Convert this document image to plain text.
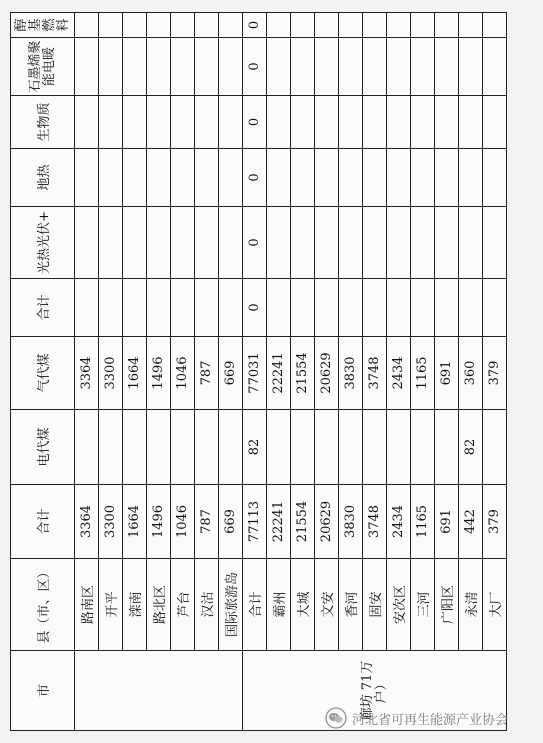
市	县（市、区）	合计	电代煤	气代煤	合计	光热光伏+	地热	生物质	石墨烯聚能电暖	醇基燃料
	路南区	3364		3364						
	开平	3300		3300						
	滦南	1664		1664						
	路北区	1496		1496						
	芦台	1046		1046						
	汉沽	787		787						
	国际旅游岛	669		669						
廊坊 71万户）	合计	77113	82	77031	0	0	0	0	0	0
	霸州	22241		22241						
	大城	21554		21554						
	文安	20629		20629						
	香河	3830		3830						
	固安	3748		3748						
	安次区	2434		2434						
	三河	1165		1165						
	广阳区	691		691						
	永清	442	82	360						
	大厂	379		379						
河北省可再生能源产业协会
